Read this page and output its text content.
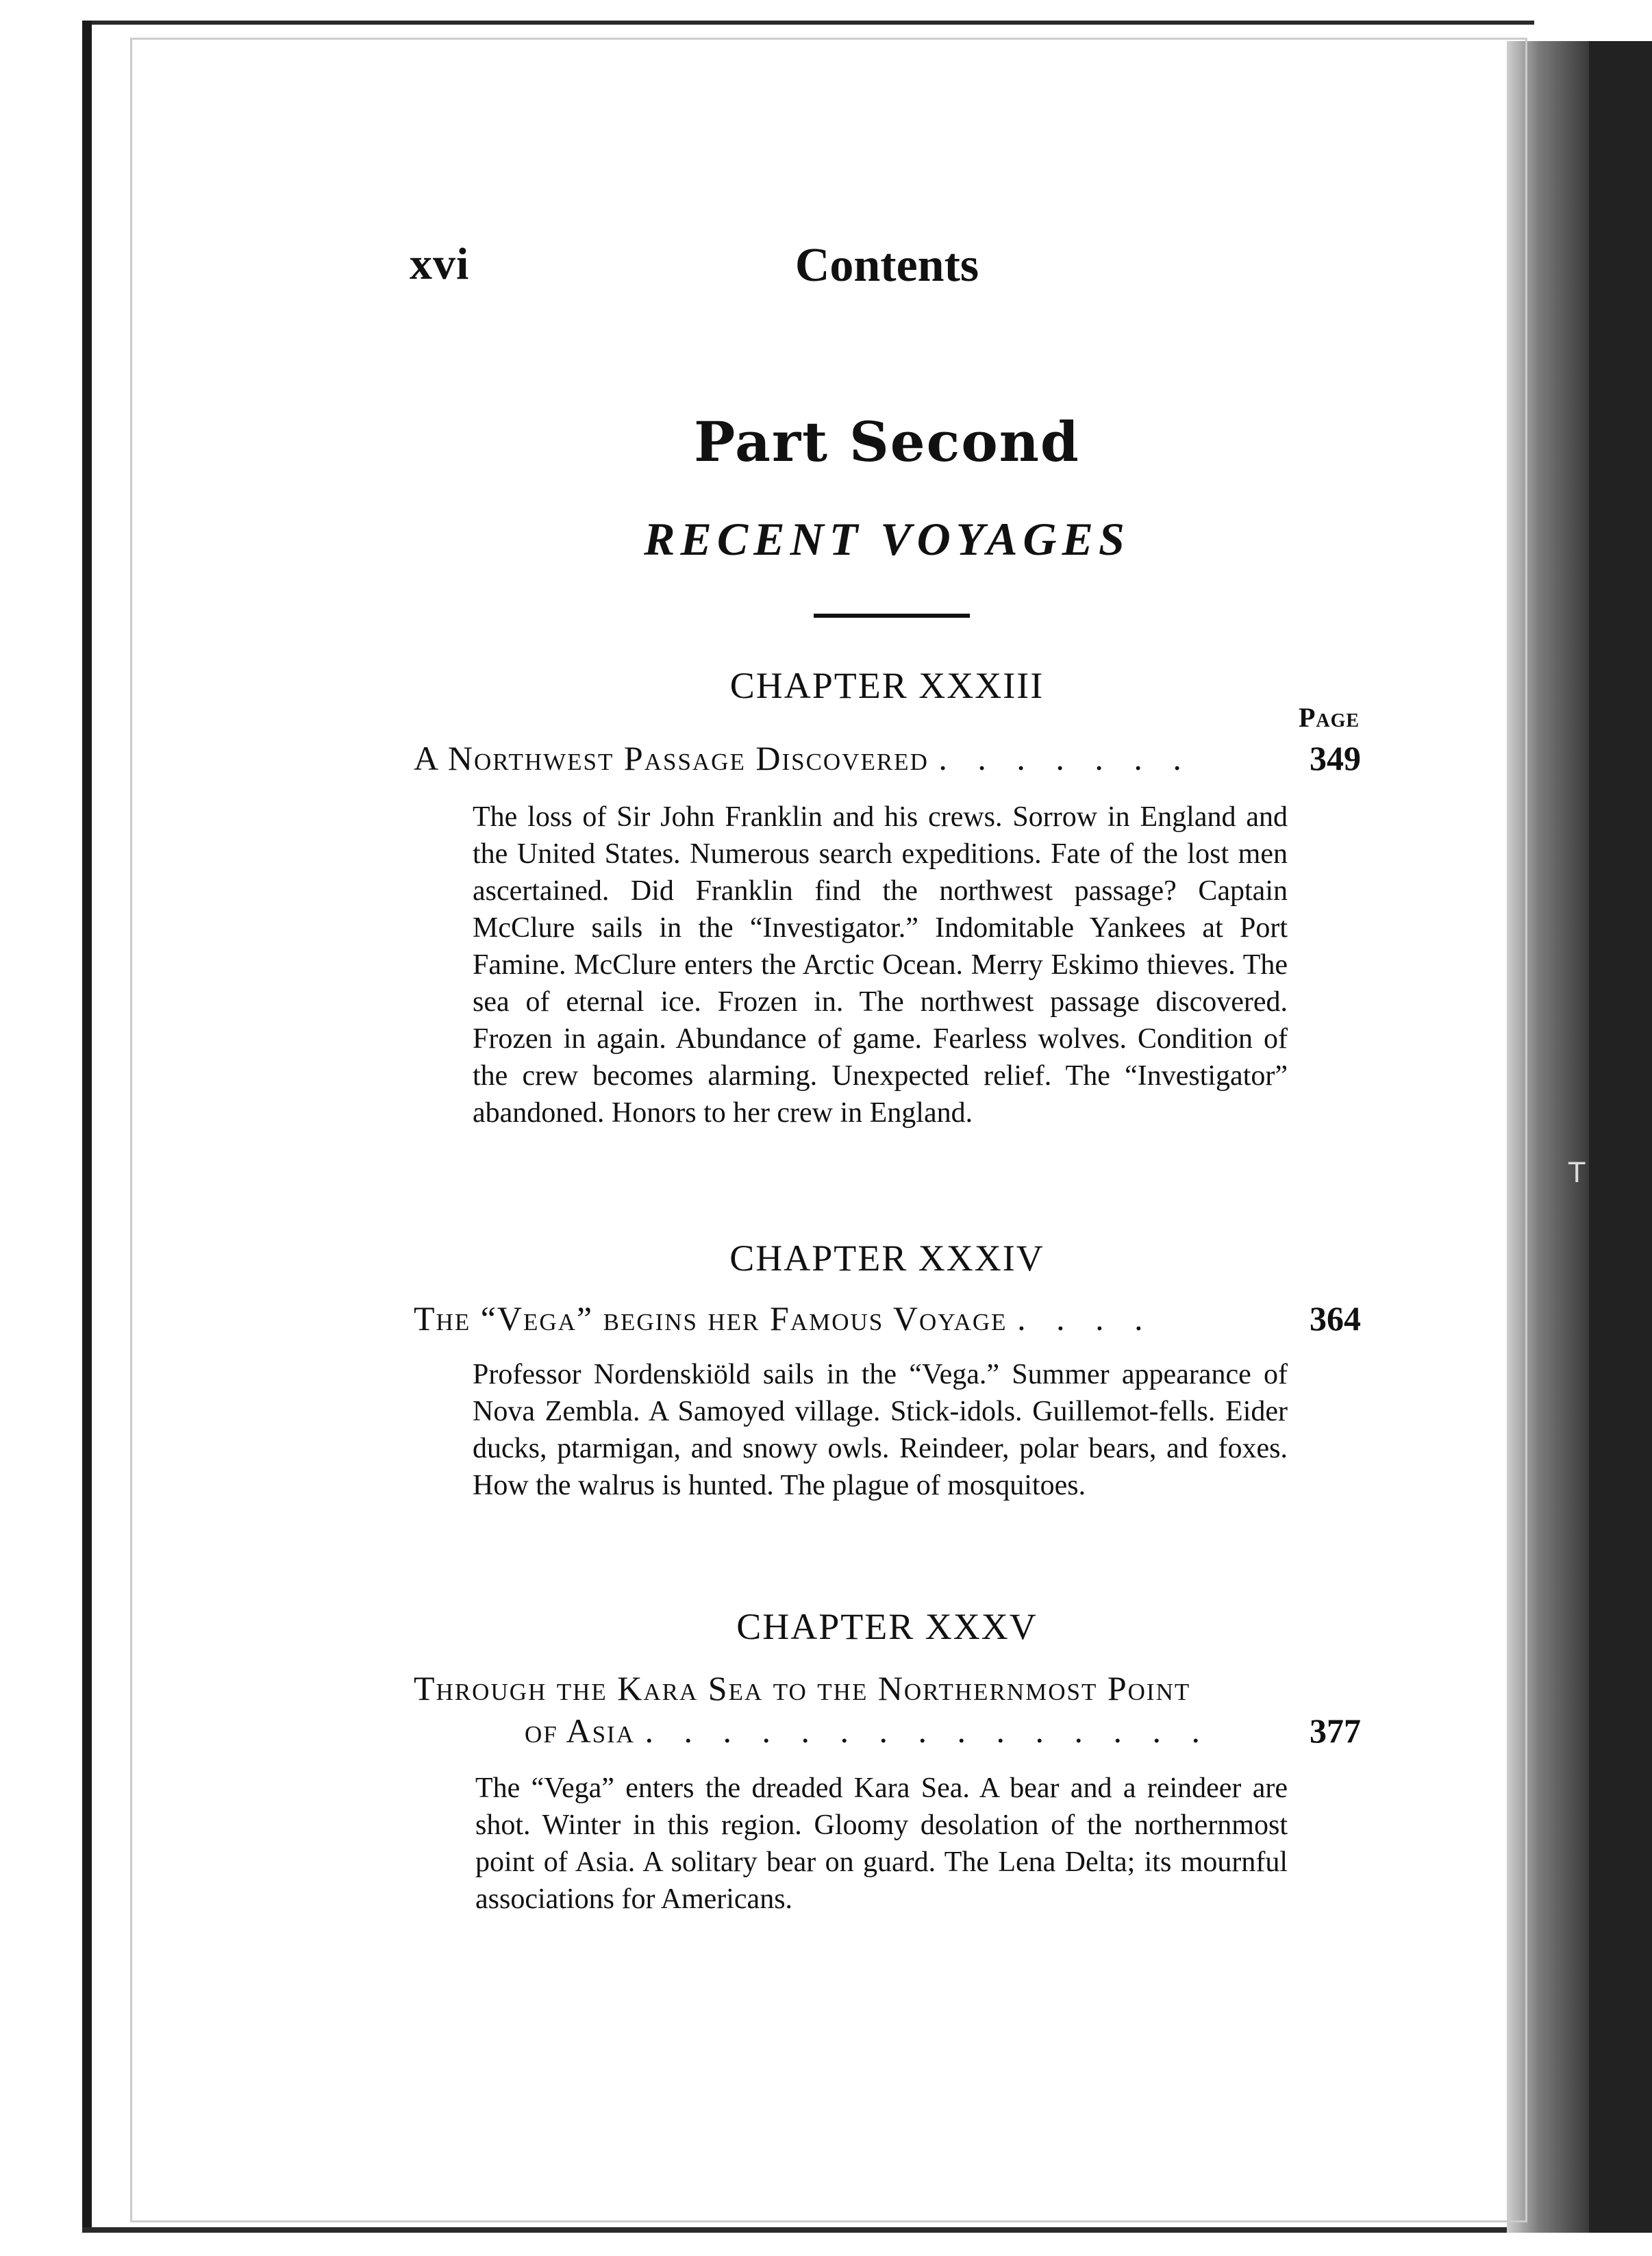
T
xvi	Contents
Part Second
RECENT VOYAGES
CHAPTER XXXIII
Page
A Northwest Passage Discovered . . . . . . .	349
The loss of Sir John Franklin and his crews. Sorrow in England and the United States. Numerous search expeditions. Fate of the lost men ascertained. Did Franklin find the northwest passage? Captain McClure sails in the “Investigator.” Indomitable Yankees at Port Famine. McClure enters the Arctic Ocean. Merry Eskimo thieves. The sea of eternal ice. Frozen in. The northwest passage discovered. Frozen in again. Abundance of game. Fearless wolves. Condition of the crew becomes alarming. Unexpected relief. The “Investigator” abandoned. Honors to her crew in England.
CHAPTER XXXIV
The “Vega” begins her Famous Voyage . . . .	364
Professor Nordenskiöld sails in the “Vega.” Summer appearance of Nova Zembla. A Samoyed village. Stick-idols. Guillemot-fells. Eider ducks, ptarmigan, and snowy owls. Reindeer, polar bears, and foxes. How the walrus is hunted. The plague of mosquitoes.
CHAPTER XXXV
Through the Kara Sea to the Northernmost Point
of Asia . . . . . . . . . . . . . . .	377
The “Vega” enters the dreaded Kara Sea. A bear and a reindeer are shot. Winter in this region. Gloomy desolation of the northernmost point of Asia. A solitary bear on guard. The Lena Delta; its mournful associations for Americans.
